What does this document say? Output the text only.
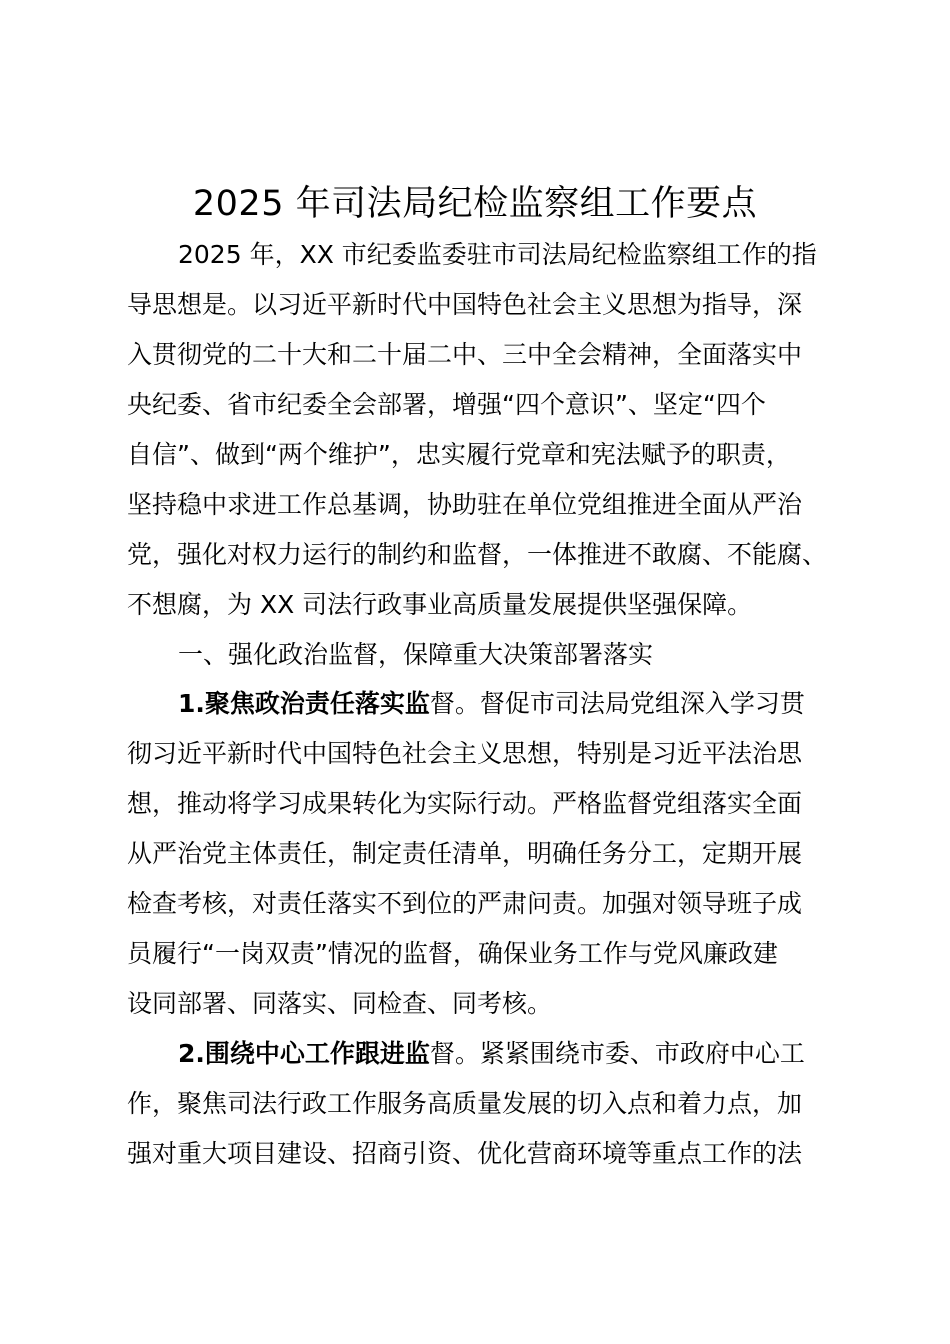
2025 年司法局纪检监察组工作要点
2025 年，XX 市纪委监委驻市司法局纪检监察组工作的指
导思想是。以习近平新时代中国特色社会主义思想为指导，深
入贯彻党的二十大和二十届二中、三中全会精神，全面落实中
央纪委、省市纪委全会部署，增强“四个意识”、坚定“四个
自信”、做到“两个维护”，忠实履行党章和宪法赋予的职责，
坚持稳中求进工作总基调，协助驻在单位党组推进全面从严治
党，强化对权力运行的制约和监督，一体推进不敢腐、不能腐、
不想腐，为 XX 司法行政事业高质量发展提供坚强保障。
一、强化政治监督，保障重大决策部署落实
1.聚焦政治责任落实监督。督促市司法局党组深入学习贯
彻习近平新时代中国特色社会主义思想，特别是习近平法治思
想，推动将学习成果转化为实际行动。严格监督党组落实全面
从严治党主体责任，制定责任清单，明确任务分工，定期开展
检查考核，对责任落实不到位的严肃问责。加强对领导班子成
员履行“一岗双责”情况的监督，确保业务工作与党风廉政建
设同部署、同落实、同检查、同考核。
2.围绕中心工作跟进监督。紧紧围绕市委、市政府中心工
作，聚焦司法行政工作服务高质量发展的切入点和着力点，加
强对重大项目建设、招商引资、优化营商环境等重点工作的法
